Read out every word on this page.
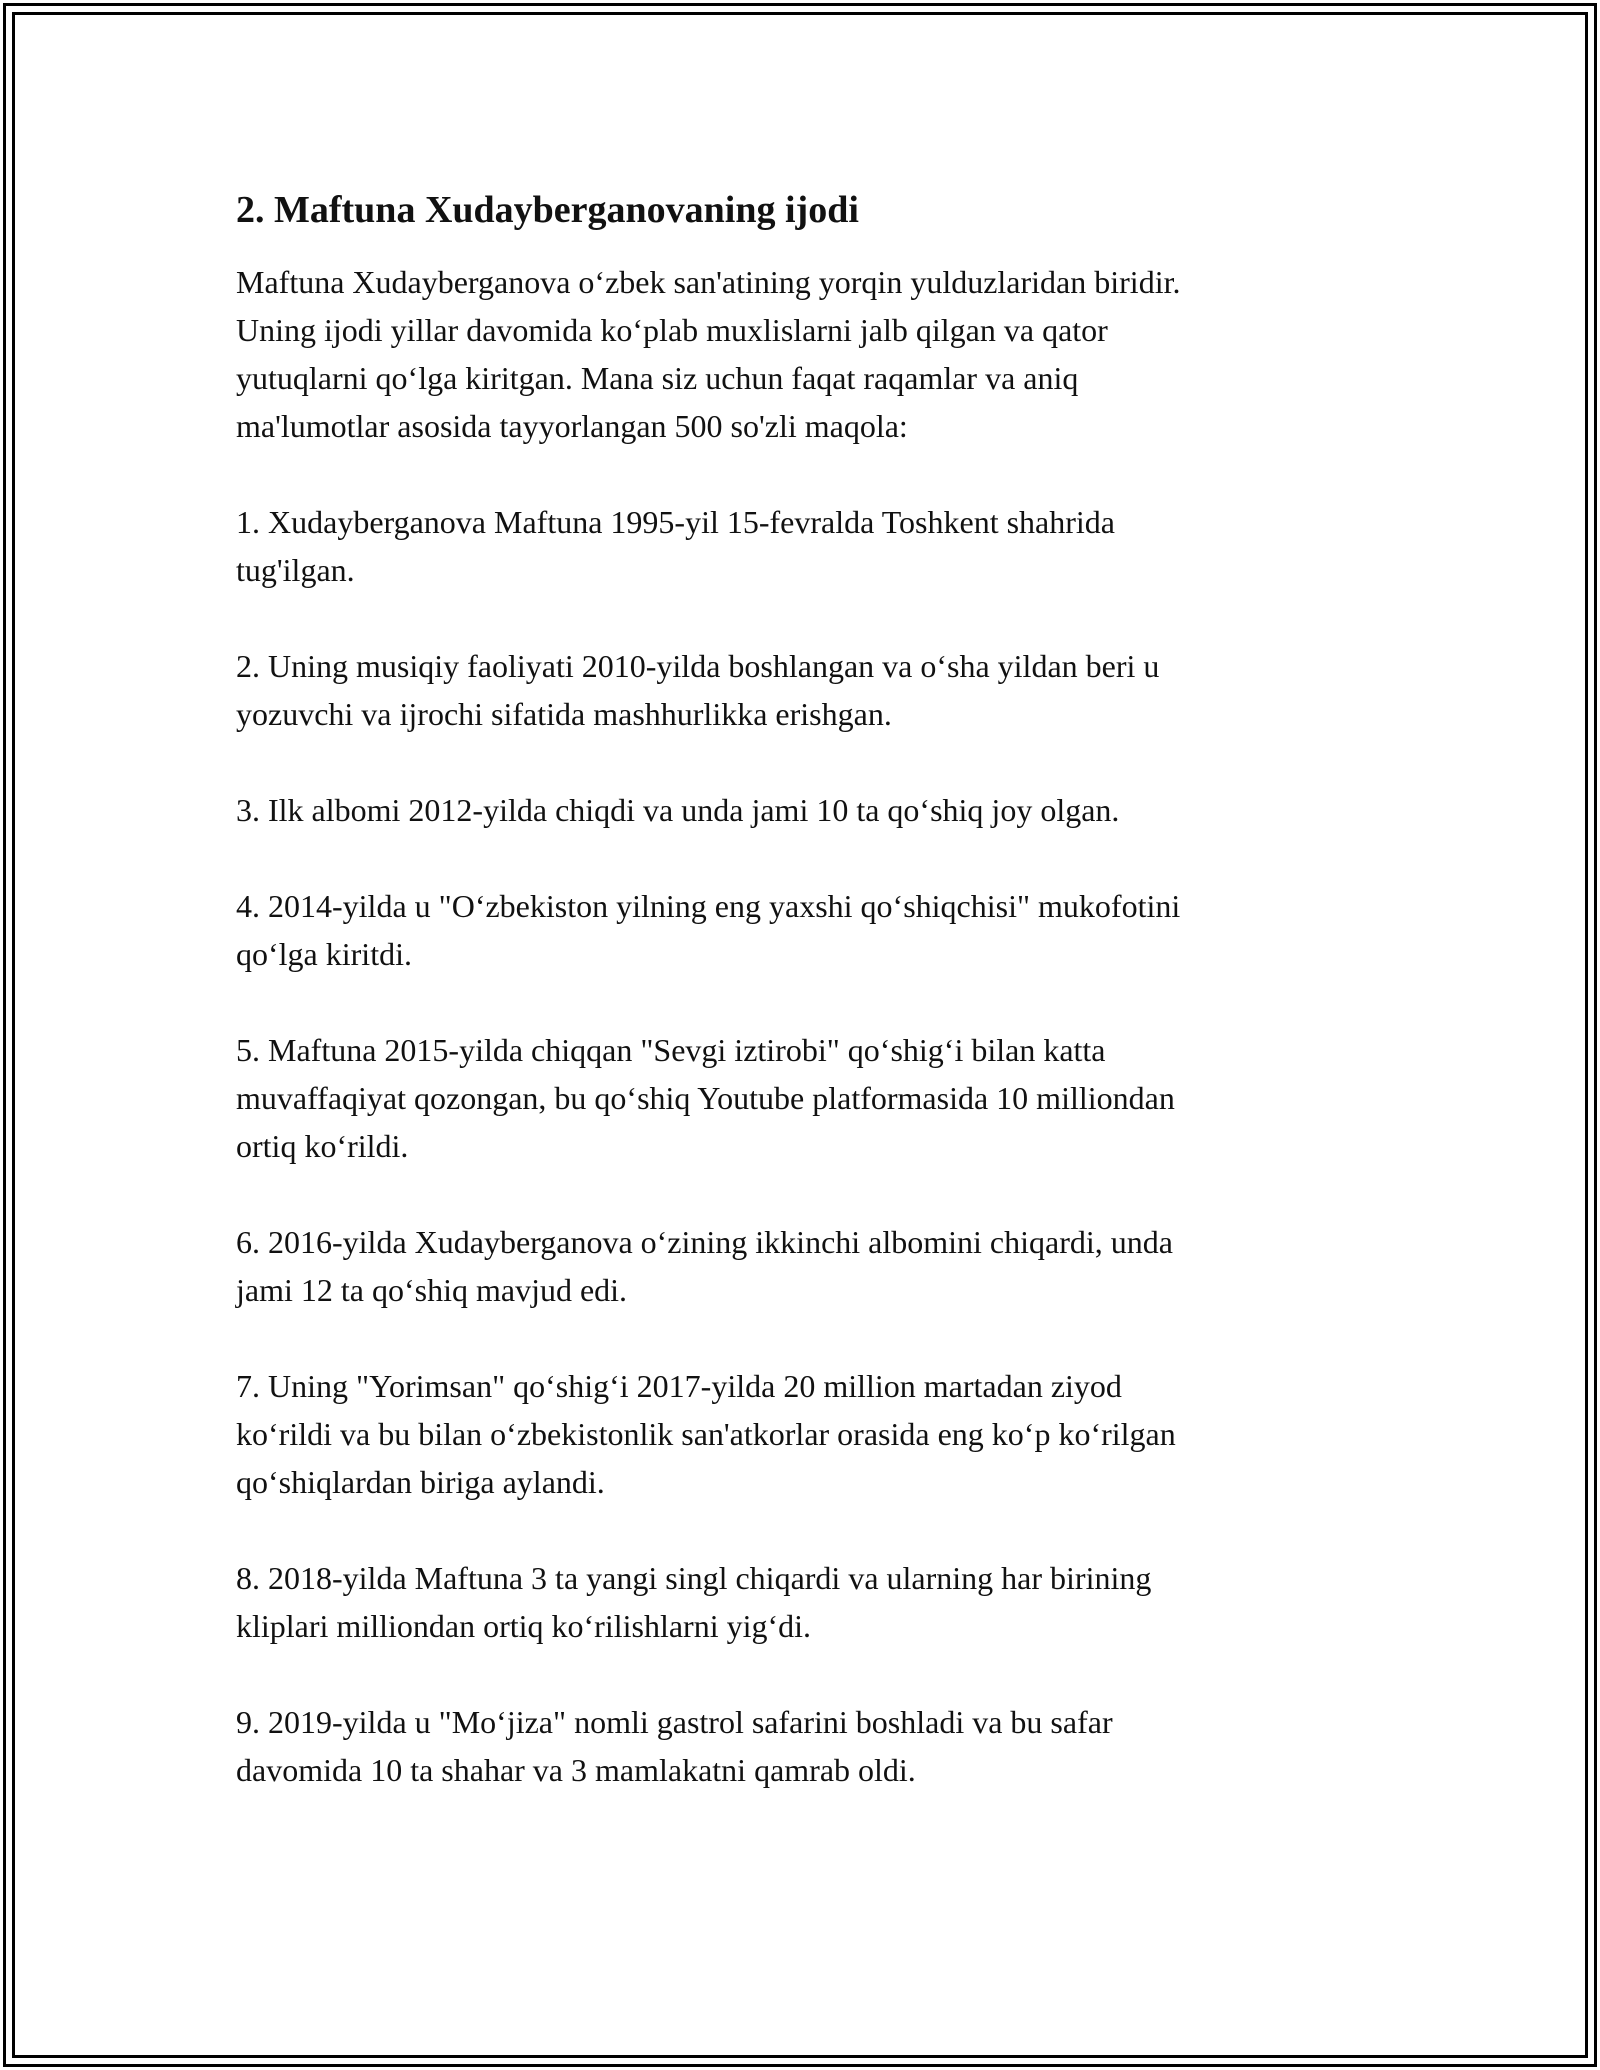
2. Maftuna Xudayberganovaning ijodi

Maftuna Xudayberganova o‘zbek san'atining yorqin yulduzlaridan biridir.
Uning ijodi yillar davomida ko‘plab muxlislarni jalb qilgan va qator
yutuqlarni qo‘lga kiritgan. Mana siz uchun faqat raqamlar va aniq
ma'lumotlar asosida tayyorlangan 500 so'zli maqola:

1. Xudayberganova Maftuna 1995-yil 15-fevralda Toshkent shahrida
tug'ilgan.

2. Uning musiqiy faoliyati 2010-yilda boshlangan va o‘sha yildan beri u
yozuvchi va ijrochi sifatida mashhurlikka erishgan.

3. Ilk albomi 2012-yilda chiqdi va unda jami 10 ta qo‘shiq joy olgan.

4. 2014-yilda u "O‘zbekiston yilning eng yaxshi qo‘shiqchisi" mukofotini
qo‘lga kiritdi.

5. Maftuna 2015-yilda chiqqan "Sevgi iztirobi" qo‘shig‘i bilan katta
muvaffaqiyat qozongan, bu qo‘shiq Youtube platformasida 10 milliondan
ortiq ko‘rildi.

6. 2016-yilda Xudayberganova o‘zining ikkinchi albomini chiqardi, unda
jami 12 ta qo‘shiq mavjud edi.

7. Uning "Yorimsan" qo‘shig‘i 2017-yilda 20 million martadan ziyod
ko‘rildi va bu bilan o‘zbekistonlik san'atkorlar orasida eng ko‘p ko‘rilgan
qo‘shiqlardan biriga aylandi.

8. 2018-yilda Maftuna 3 ta yangi singl chiqardi va ularning har birining
kliplari milliondan ortiq ko‘rilishlarni yig‘di.

9. 2019-yilda u "Mo‘jiza" nomli gastrol safarini boshladi va bu safar
davomida 10 ta shahar va 3 mamlakatni qamrab oldi.
